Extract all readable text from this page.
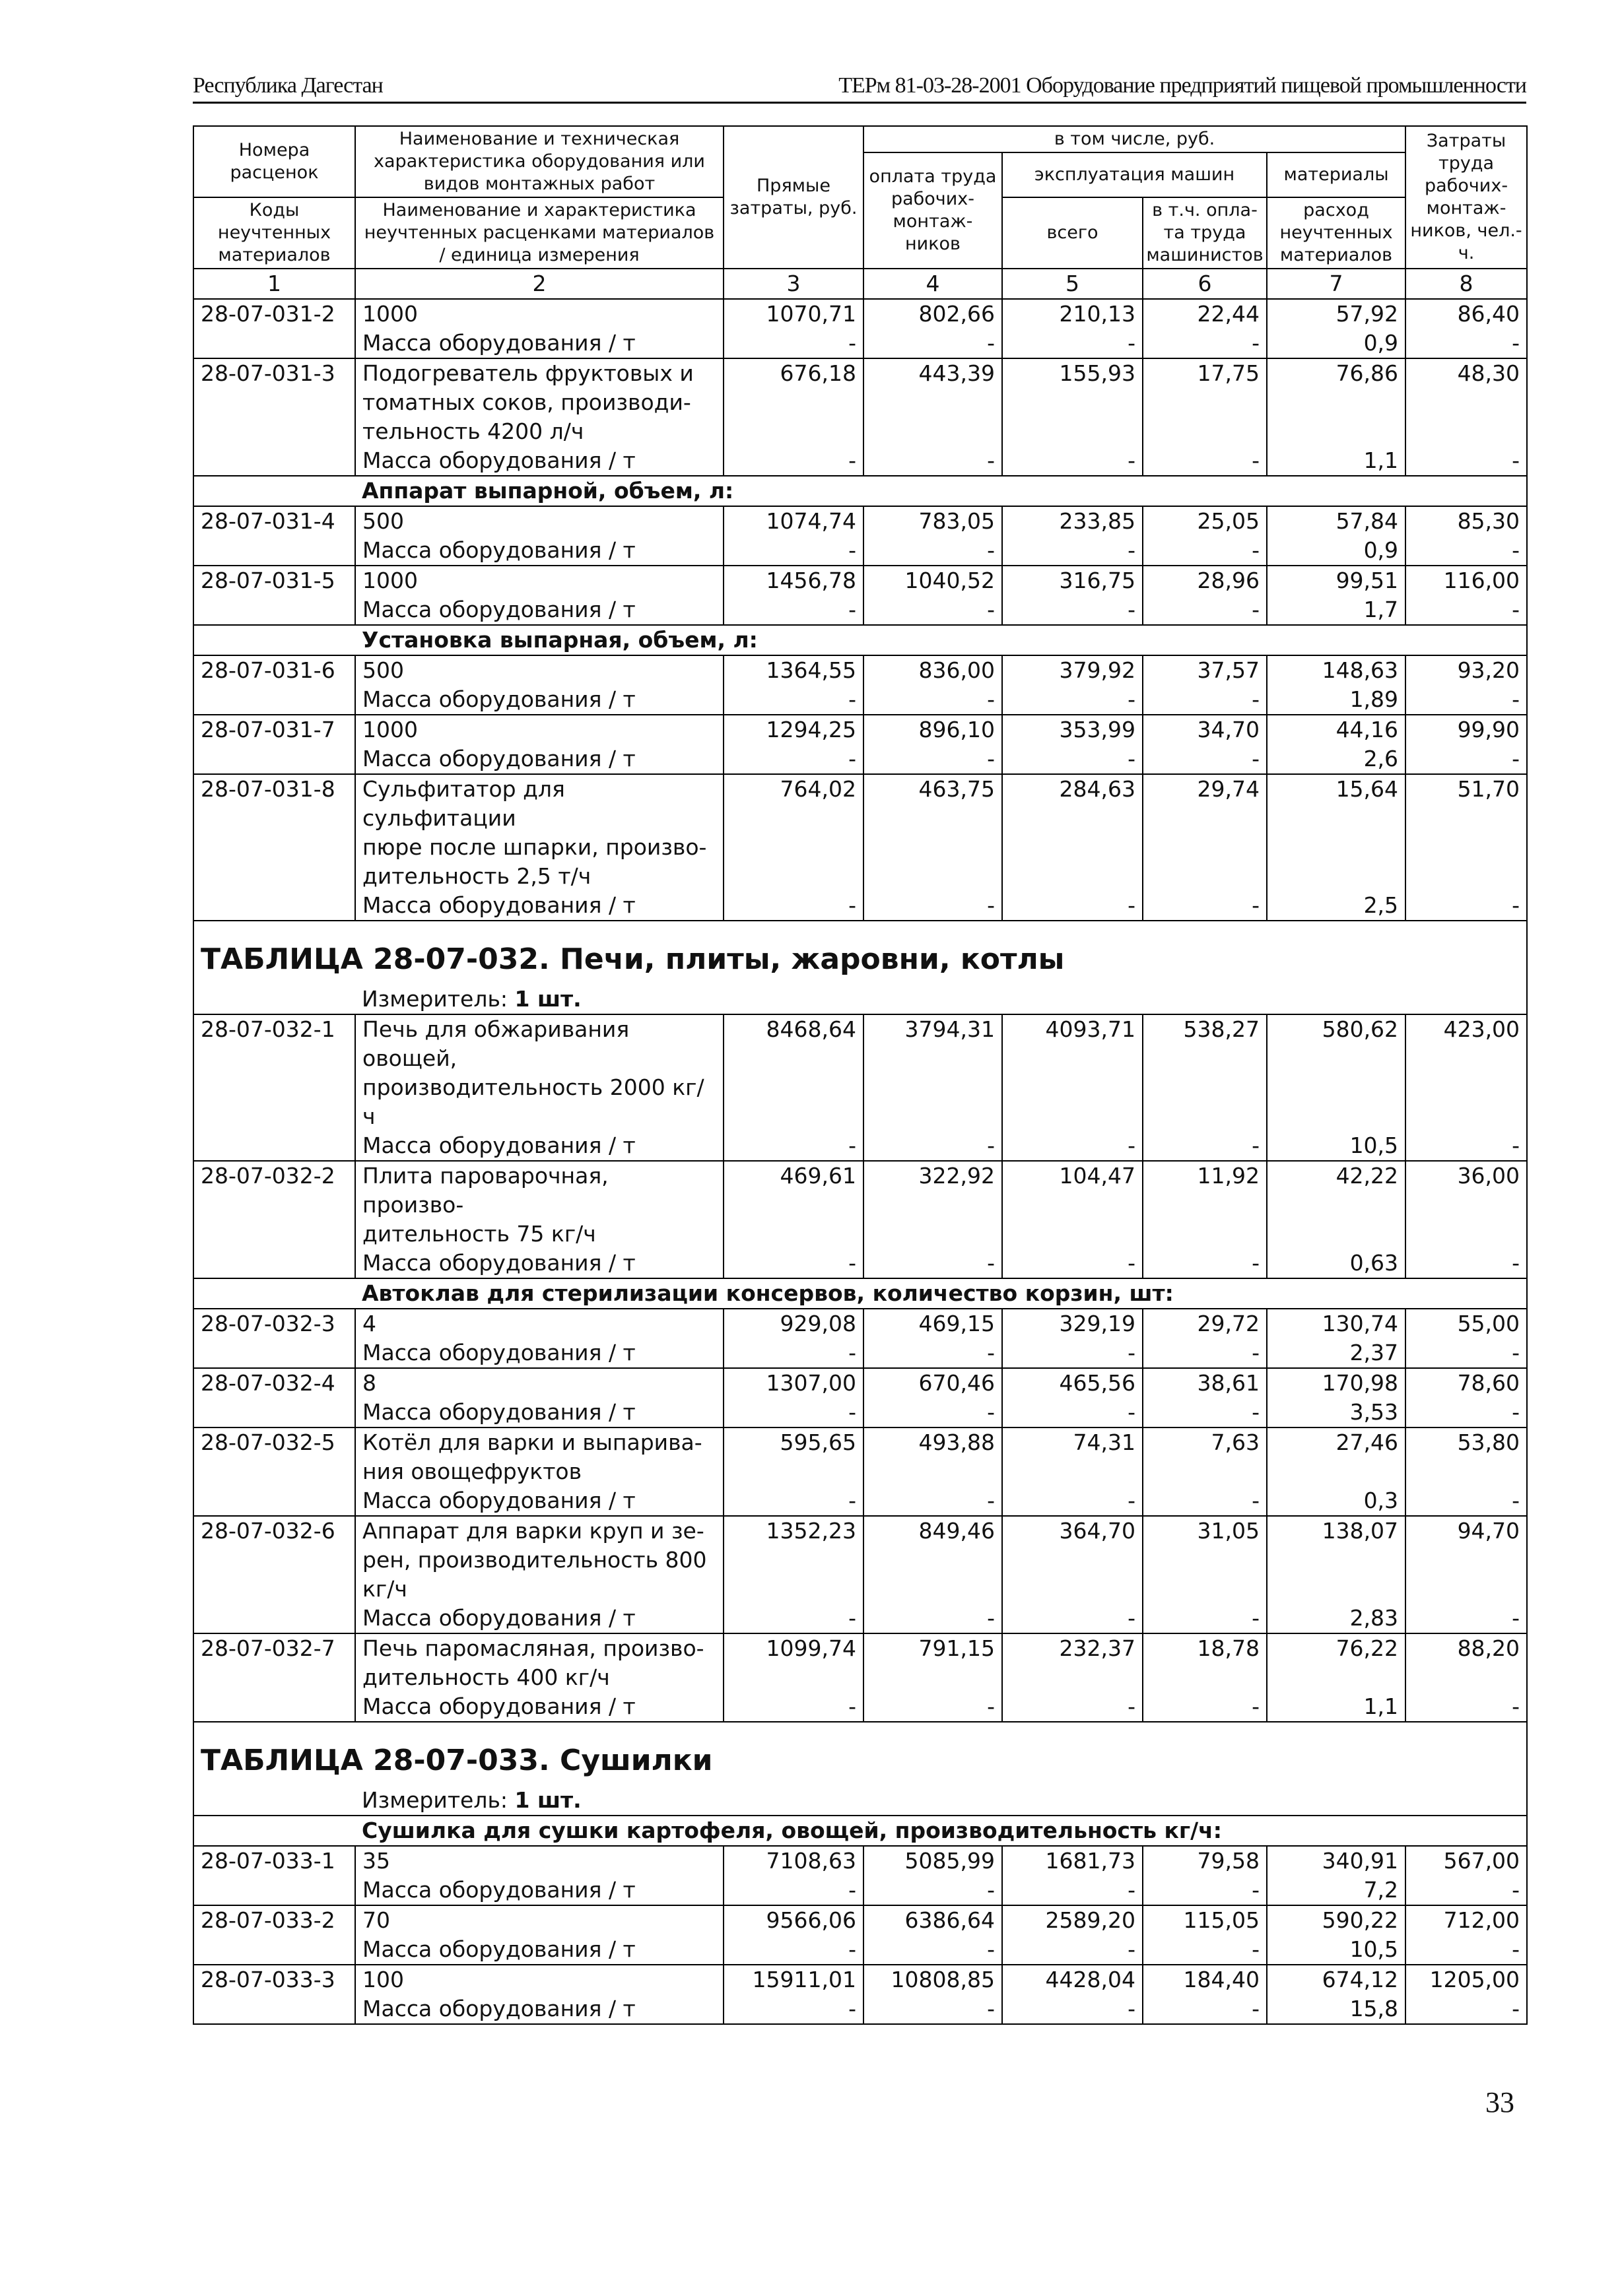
Республика Дагестан	ТЕРм 81-03-28-2001 Оборудование предприятий пищевой промышленности
Номера расценок	Наименование и техническая характеристика оборудования или видов монтажных работ	Прямые затраты, руб.	в том числе, руб.				Затраты труда рабочих-монтаж-ников, чел.-ч.
			оплата труда рабочих-монтаж-ников	эксплуатация машин		материалы	
Коды неучтенных материалов	Наименование и характеристика неучтенных расценками материалов / единица измерения			всего	в т.ч. опла-та труда машинистов	расход неучтенных материалов	

1	2	3	4	5	6	7	8
28-07-031-2	1000	1070,71	802,66	210,13	22,44	57,92	86,40
	Масса оборудования / т	-	-	-	-	0,9	-
28-07-031-3	Подогреватель фруктовых и
томатных соков, производи-
тельность 4200 л/ч	676,18	443,39	155,93	17,75	76,86	48,30
	Масса оборудования / т	-	-	-	-	1,1	-
	Аппарат выпарной, объем, л:						
28-07-031-4	500	1074,74	783,05	233,85	25,05	57,84	85,30
	Масса оборудования / т	-	-	-	-	0,9	-
28-07-031-5	1000	1456,78	1040,52	316,75	28,96	99,51	116,00
	Масса оборудования / т	-	-	-	-	1,7	-
	Установка выпарная, объем, л:						
28-07-031-6	500	1364,55	836,00	379,92	37,57	148,63	93,20
	Масса оборудования / т	-	-	-	-	1,89	-
28-07-031-7	1000	1294,25	896,10	353,99	34,70	44,16	99,90
	Масса оборудования / т	-	-	-	-	2,6	-
28-07-031-8	Сульфитатор для сульфитации
пюре после шпарки, произво-
дительность 2,5 т/ч	764,02	463,75	284,63	29,74	15,64	51,70
	Масса оборудования / т	-	-	-	-	2,5	-
ТАБЛИЦА 28-07-032. Печи, плиты, жаровни, котлы							
	Измеритель: 1 шт.						
28-07-032-1	Печь для обжаривания овощей,
производительность 2000 кг/ч	8468,64	3794,31	4093,71	538,27	580,62	423,00
	Масса оборудования / т	-	-	-	-	10,5	-
28-07-032-2	Плита пароварочная, произво-
дительность 75 кг/ч	469,61	322,92	104,47	11,92	42,22	36,00
	Масса оборудования / т	-	-	-	-	0,63	-
	Автоклав для стерилизации консервов, количество корзин, шт:						
28-07-032-3	4	929,08	469,15	329,19	29,72	130,74	55,00
	Масса оборудования / т	-	-	-	-	2,37	-
28-07-032-4	8	1307,00	670,46	465,56	38,61	170,98	78,60
	Масса оборудования / т	-	-	-	-	3,53	-
28-07-032-5	Котёл для варки и выпарива-
ния овощефруктов	595,65	493,88	74,31	7,63	27,46	53,80
	Масса оборудования / т	-	-	-	-	0,3	-
28-07-032-6	Аппарат для варки круп и зе-
рен, производительность 800
кг/ч	1352,23	849,46	364,70	31,05	138,07	94,70
	Масса оборудования / т	-	-	-	-	2,83	-
28-07-032-7	Печь паромасляная, произво-
дительность 400 кг/ч	1099,74	791,15	232,37	18,78	76,22	88,20
	Масса оборудования / т	-	-	-	-	1,1	-
ТАБЛИЦА 28-07-033. Сушилки							
	Измеритель: 1 шт.						
	Сушилка для сушки картофеля, овощей, производительность кг/ч:						
28-07-033-1	35	7108,63	5085,99	1681,73	79,58	340,91	567,00
	Масса оборудования / т	-	-	-	-	7,2	-
28-07-033-2	70	9566,06	6386,64	2589,20	115,05	590,22	712,00
	Масса оборудования / т	-	-	-	-	10,5	-
28-07-033-3	100	15911,01	10808,85	4428,04	184,40	674,12	1205,00
	Масса оборудования / т	-	-	-	-	15,8	-
33
